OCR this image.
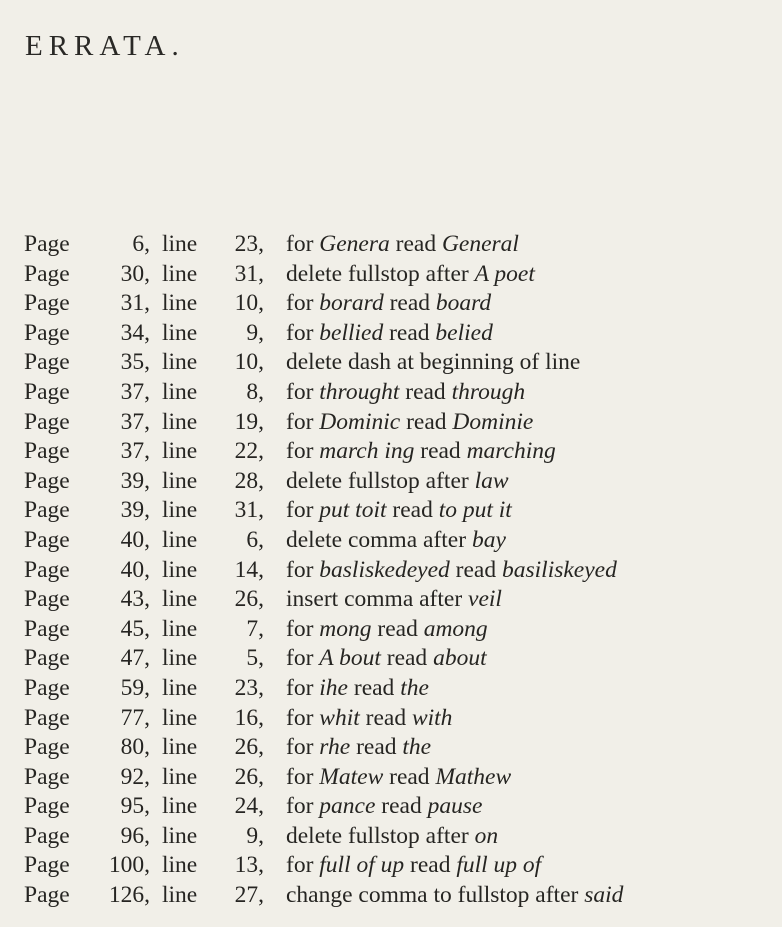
ERRATA.
Page	6, line	23, for Genera read General
Page	30, line	31, delete fullstop after A poet
Page	31, line	10, for borard read board
Page	34, line	9, for bellied read belied
Page	35, line	10, delete dash at beginning of line
Page	37, line	8, for throught read through
Page	37, line	19, for Dominic read Dominie
Page	37, line	22, for march ing read marching
Page	39, line	28, delete fullstop after law
Page	39, line	31, for put toit read to put it
Page	40, line	6, delete comma after bay
Page	40, line	14, for basliskedeyed read basiliskeyed
Page	43, line	26, insert comma after veil
Page	45, line	7, for mong read among
Page	47, line	5, for A bout read about
Page	59, line	23, for ihe read the
Page	77, line	16, for whit read with
Page	80, line	26, for rhe read the
Page	92, line	26, for Matew read Mathew
Page	95, line	24, for pance read pause
Page	96, line	9, delete fullstop after on
Page 100, line	13, for full of up read full up of
Page 126, line	27, change comma to fullstop after said
